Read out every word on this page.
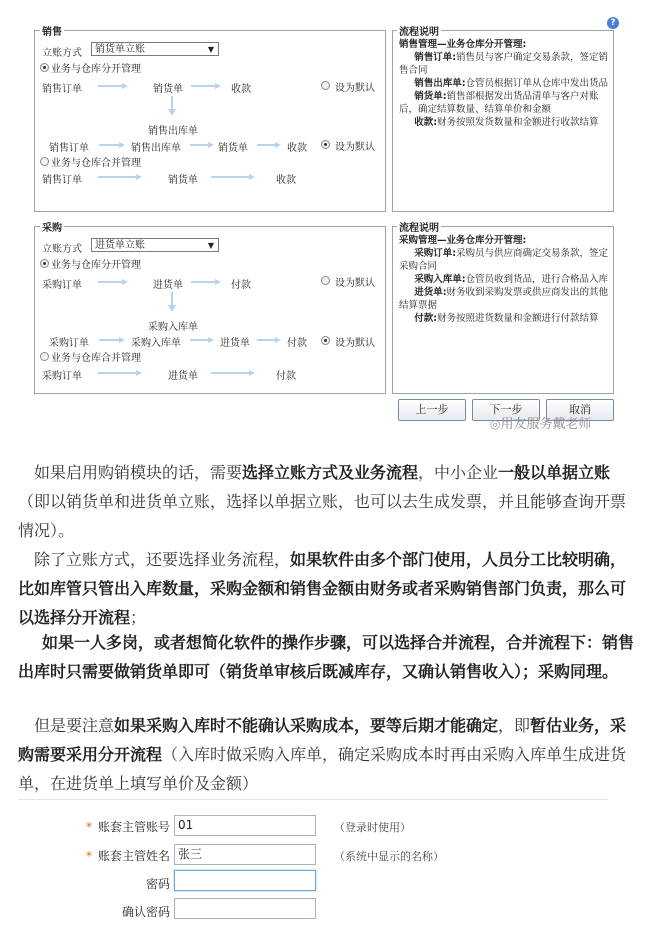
销售
立账方式	销货单立账	▼
业务与仓库分开管理
销售订单	销货单	收款	设为默认
销售出库单
销售订单	销售出库单	销货单	收款	设为默认
业务与仓库合并管理
销售订单	销货单	收款
流程说明
销售管理—业务仓库分开管理:
销售订单:销售员与客户确定交易条款，签定销售合同
销售出库单:仓管员根据订单从仓库中发出货品
销货单:销售部根据发出货品清单与客户对账后，确定结算数量、结算单价和金额
收款:财务按照发货数量和金额进行收款结算
?
采购
立账方式	进货单立账	▼
业务与仓库分开管理
采购订单	进货单	付款	设为默认
采购入库单
采购订单	采购入库单	进货单	付款	设为默认
业务与仓库合并管理
采购订单	进货单	付款
流程说明
采购管理—业务仓库分开管理:
采购订单:采购员与供应商确定交易条款，签定采购合同
采购入库单:仓管员收到货品，进行合格品入库
进货单:财务收到采购发票或供应商发出的其他结算票据
付款:财务按照进货数量和金额进行付款结算
上一步	下一步	取消
◎用友服务戴老师
如果启用购销模块的话，需要选择立账方式及业务流程，中小企业一般以单据立账（即以销货单和进货单立账，选择以单据立账，也可以去生成发票，并且能够查询开票情况）。
除了立账方式，还要选择业务流程，如果软件由多个部门使用，人员分工比较明确，比如库管只管出入库数量，采购金额和销售金额由财务或者采购销售部门负责，那么可以选择分开流程；
如果一人多岗，或者想简化软件的操作步骤，可以选择合并流程，合并流程下：销售出库时只需要做销货单即可（销货单审核后既减库存，又确认销售收入）；采购同理。
但是要注意如果采购入库时不能确认采购成本，要等后期才能确定，即暂估业务，采购需要采用分开流程（入库时做采购入库单，确定采购成本时再由采购入库单生成进货单，在进货单上填写单价及金额）
* 账套主管账号 01	（登录时使用）
* 账套主管姓名 张三	（系统中显示的名称）
密码
确认密码
